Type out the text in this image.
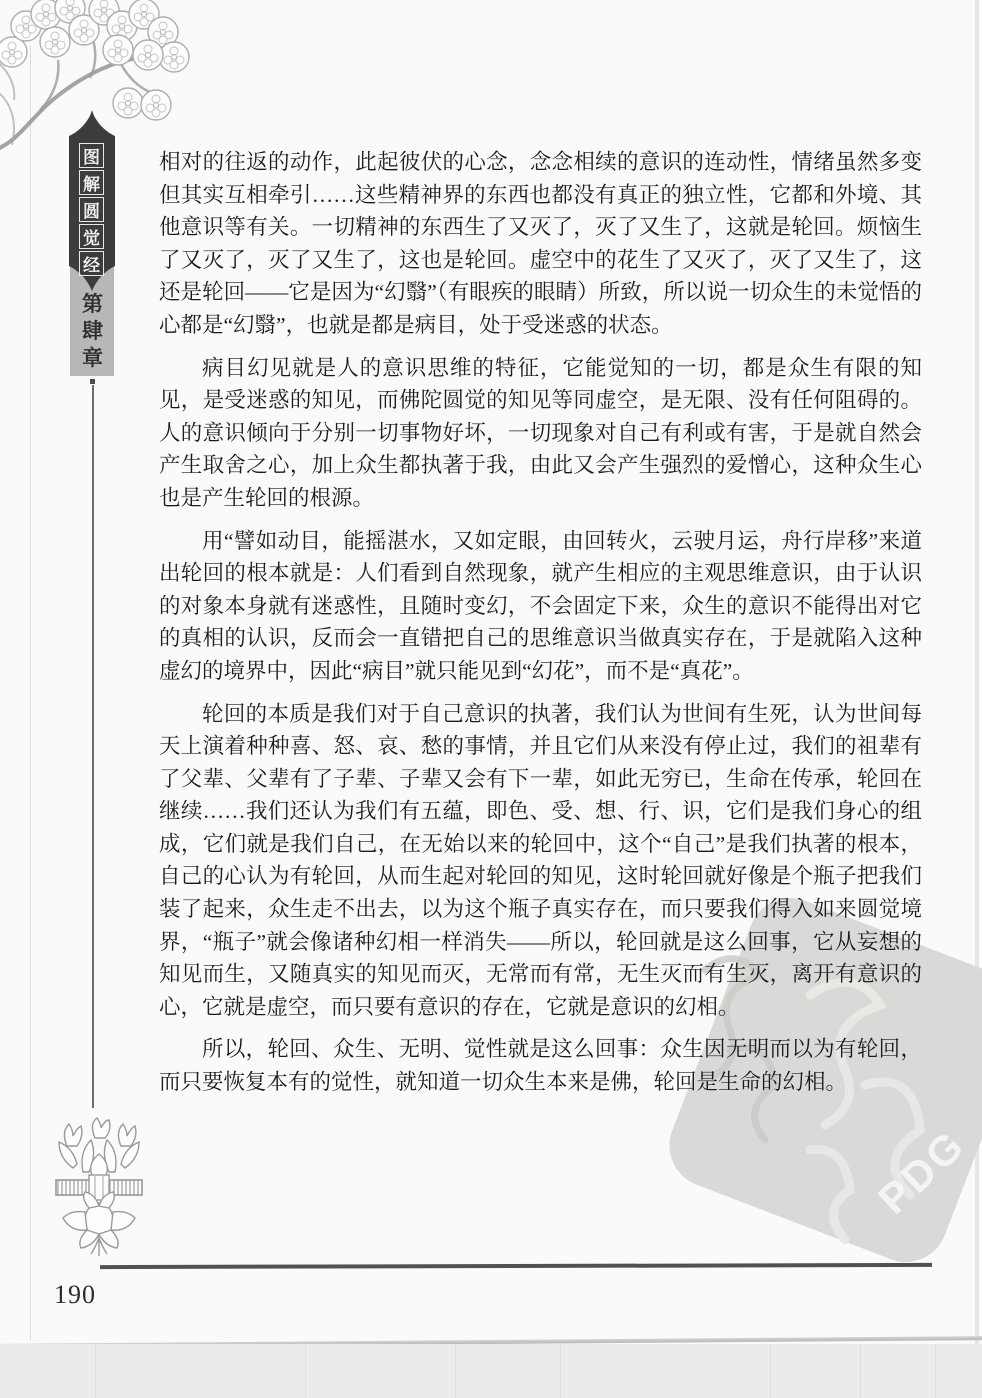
PDG
图
解
圆
觉
经
第
肆
章

相对的往返的动作，此起彼伏的心念，念念相续的意识的连动性，情绪虽然多变但其实互相牵引……这些精神界的东西也都没有真正的独立性，它都和外境、其他意识等有关。一切精神的东西生了又灭了，灭了又生了，这就是轮回。烦恼生了又灭了，灭了又生了，这也是轮回。虚空中的花生了又灭了，灭了又生了，这还是轮回——它是因为“幻翳”（有眼疾的眼睛）所致，所以说一切众生的未觉悟的心都是“幻翳”，也就是都是病目，处于受迷惑的状态。

病目幻见就是人的意识思维的特征，它能觉知的一切，都是众生有限的知见，是受迷惑的知见，而佛陀圆觉的知见等同虚空，是无限、没有任何阻碍的。人的意识倾向于分别一切事物好坏，一切现象对自己有利或有害，于是就自然会产生取舍之心，加上众生都执著于我，由此又会产生强烈的爱憎心，这种众生心也是产生轮回的根源。

用“譬如动目，能摇湛水，又如定眼，由回转火，云驶月运，舟行岸移”来道出轮回的根本就是：人们看到自然现象，就产生相应的主观思维意识，由于认识的对象本身就有迷惑性，且随时变幻，不会固定下来，众生的意识不能得出对它的真相的认识，反而会一直错把自己的思维意识当做真实存在，于是就陷入这种虚幻的境界中，因此“病目”就只能见到“幻花”，而不是“真花”。

轮回的本质是我们对于自己意识的执著，我们认为世间有生死，认为世间每天上演着种种喜、怒、哀、愁的事情，并且它们从来没有停止过，我们的祖辈有了父辈、父辈有了子辈、子辈又会有下一辈，如此无穷已，生命在传承，轮回在继续……我们还认为我们有五蕴，即色、受、想、行、识，它们是我们身心的组成，它们就是我们自己，在无始以来的轮回中，这个“自己”是我们执著的根本，自己的心认为有轮回，从而生起对轮回的知见，这时轮回就好像是个瓶子把我们装了起来，众生走不出去，以为这个瓶子真实存在，而只要我们得入如来圆觉境界，“瓶子”就会像诸种幻相一样消失——所以，轮回就是这么回事，它从妄想的知见而生，又随真实的知见而灭，无常而有常，无生灭而有生灭，离开有意识的心，它就是虚空，而只要有意识的存在，它就是意识的幻相。

所以，轮回、众生、无明、觉性就是这么回事：众生因无明而以为有轮回，而只要恢复本有的觉性，就知道一切众生本来是佛，轮回是生命的幻相。

190
